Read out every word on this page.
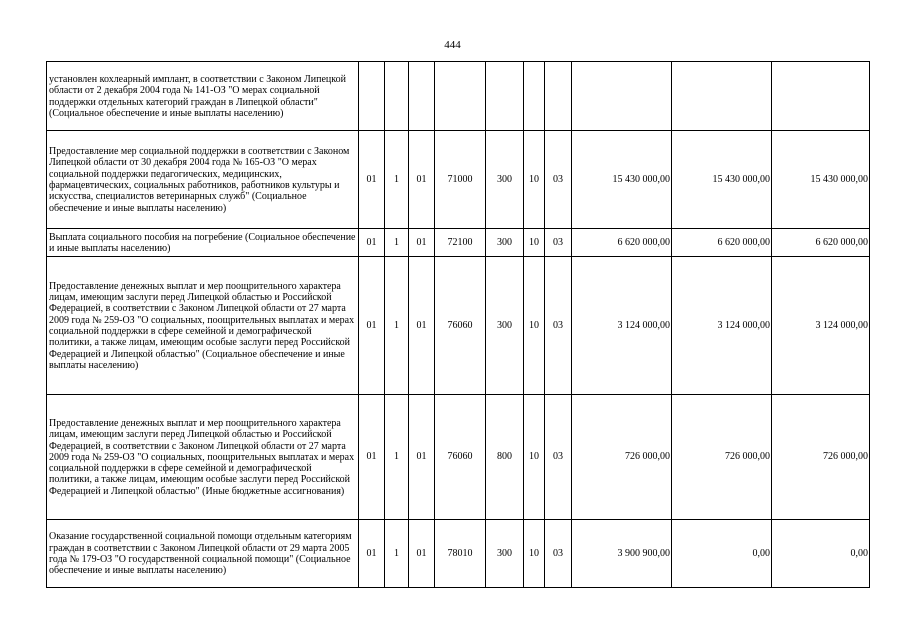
444
установлен кохлеарный имплант, в соответствии с Законом Липецкой области от 2 декабря 2004 года № 141-ОЗ "О мерах социальной поддержки отдельных категорий граждан в Липецкой области" (Социальное обеспечение и иные выплаты населению)										
Предоставление мер социальной поддержки в соответствии с Законом Липецкой области от 30 декабря 2004 года № 165-ОЗ "О мерах социальной поддержки педагогических, медицинских, фармацевтических, социальных работников, работников культуры и искусства, специалистов ветеринарных служб" (Социальное обеспечение и иные выплаты населению)	01	1	01	71000	300	10	03	15 430 000,00	15 430 000,00	15 430 000,00
Выплата социального пособия на погребение (Социальное обеспечение и иные выплаты населению)	01	1	01	72100	300	10	03	6 620 000,00	6 620 000,00	6 620 000,00
Предоставление денежных выплат и мер поощрительного характера лицам, имеющим заслуги перед Липецкой областью и Российской Федерацией, в соответствии с Законом Липецкой области от 27 марта 2009 года № 259-ОЗ "О социальных, поощрительных выплатах и мерах социальной поддержки в сфере семейной и демографической политики, а также лицам, имеющим особые заслуги перед Российской Федерацией и Липецкой областью" (Социальное обеспечение и иные выплаты населению)	01	1	01	76060	300	10	03	3 124 000,00	3 124 000,00	3 124 000,00
Предоставление денежных выплат и мер поощрительного характера лицам, имеющим заслуги перед Липецкой областью и Российской Федерацией, в соответствии с Законом Липецкой области от 27 марта 2009 года № 259-ОЗ "О социальных, поощрительных выплатах и мерах социальной поддержки в сфере семейной и демографической политики, а также лицам, имеющим особые заслуги перед Российской Федерацией и Липецкой областью" (Иные бюджетные ассигнования)	01	1	01	76060	800	10	03	726 000,00	726 000,00	726 000,00
Оказание государственной социальной помощи отдельным категориям граждан в соответствии с Законом Липецкой области от 29 марта 2005 года № 179-ОЗ "О государственной социальной помощи" (Социальное обеспечение и иные выплаты населению)	01	1	01	78010	300	10	03	3 900 900,00	0,00	0,00
